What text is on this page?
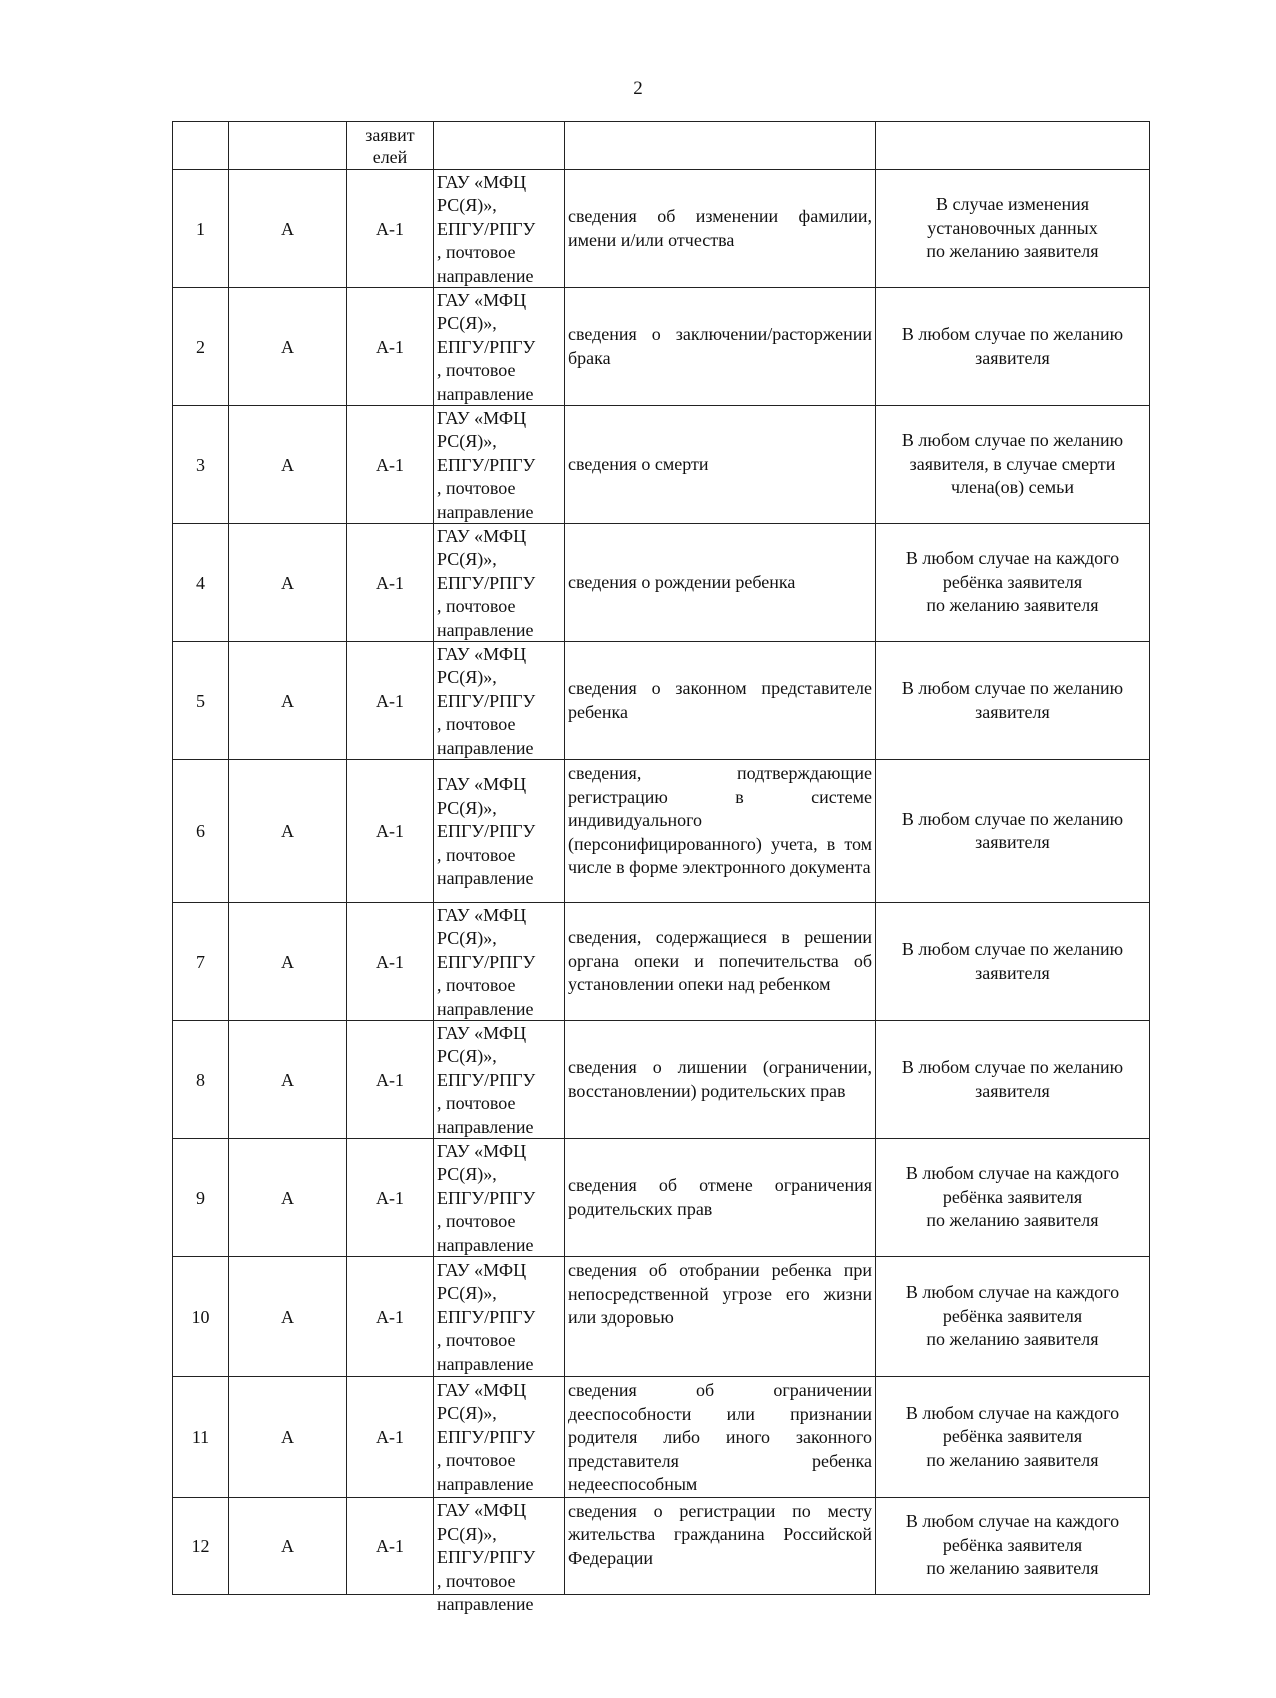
2

		заявит
елей			

1	А	А-1	ГАУ «МФЦ
РС(Я)»,
ЕПГУ/РПГУ
, почтовое
направление	сведения об изменении фамилии, имени и/или отчества	В случае изменения
установочных данных
по желанию заявителя

2	А	А-1	ГАУ «МФЦ
РС(Я)»,
ЕПГУ/РПГУ
, почтовое
направление	сведения о заключении/расторжении брака	В любом случае по желанию
заявителя

3	А	А-1	ГАУ «МФЦ
РС(Я)»,
ЕПГУ/РПГУ
, почтовое
направление	сведения о смерти	В любом случае по желанию
заявителя, в случае смерти
члена(ов) семьи

4	А	А-1	ГАУ «МФЦ
РС(Я)»,
ЕПГУ/РПГУ
, почтовое
направление	сведения о рождении ребенка	В любом случае на каждого
ребёнка заявителя
по желанию заявителя

5	А	А-1	ГАУ «МФЦ
РС(Я)»,
ЕПГУ/РПГУ
, почтовое
направление	сведения о законном представителе ребенка	В любом случае по желанию
заявителя

6	А	А-1	ГАУ «МФЦ
РС(Я)»,
ЕПГУ/РПГУ
, почтовое
направление	сведения, подтверждающие регистрацию в системе индивидуального (персонифицированного) учета, в том числе в форме электронного документа	В любом случае по желанию
заявителя

7	А	А-1	ГАУ «МФЦ
РС(Я)»,
ЕПГУ/РПГУ
, почтовое
направление	сведения, содержащиеся в решении органа опеки и попечительства об установлении опеки над ребенком	В любом случае по желанию
заявителя

8	А	А-1	ГАУ «МФЦ
РС(Я)»,
ЕПГУ/РПГУ
, почтовое
направление	сведения о лишении (ограничении, восстановлении) родительских прав	В любом случае по желанию
заявителя

9	А	А-1	ГАУ «МФЦ
РС(Я)»,
ЕПГУ/РПГУ
, почтовое
направление	сведения об отмене ограничения родительских прав	В любом случае на каждого
ребёнка заявителя
по желанию заявителя

10	А	А-1	ГАУ «МФЦ
РС(Я)»,
ЕПГУ/РПГУ
, почтовое
направление	сведения об отобрании ребенка при непосредственной угрозе его жизни или здоровью	В любом случае на каждого
ребёнка заявителя
по желанию заявителя

11	А	А-1	ГАУ «МФЦ
РС(Я)»,
ЕПГУ/РПГУ
, почтовое
направление	сведения об ограничении дееспособности или признании родителя либо иного законного представителя ребенка недееспособным	В любом случае на каждого
ребёнка заявителя
по желанию заявителя

12	А	А-1	ГАУ «МФЦ
РС(Я)»,
ЕПГУ/РПГУ
, почтовое
направление	сведения о регистрации по месту жительства гражданина Российской Федерации	В любом случае на каждого
ребёнка заявителя
по желанию заявителя
